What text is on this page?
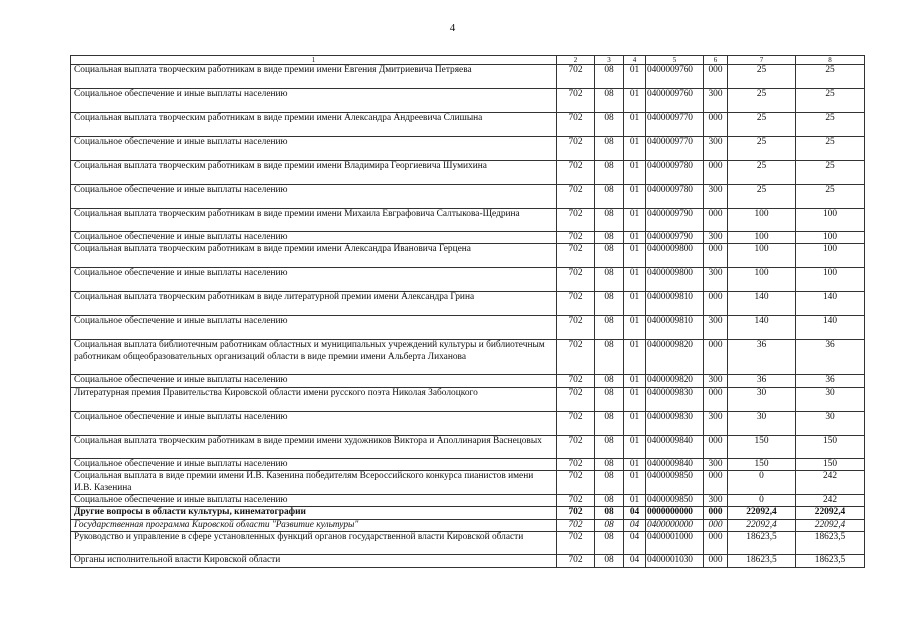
4
1	2	3	4	5	6	7	8
Социальная выплата творческим работникам в виде премии имени Евгения Дмитриевича Петряева	702	08	01	0400009760	000	25	25
Социальное обеспечение и иные выплаты населению	702	08	01	0400009760	300	25	25
Социальная выплата творческим работникам в виде премии имени Александра Андреевича Слишына	702	08	01	0400009770	000	25	25
Социальное обеспечение и иные выплаты населению	702	08	01	0400009770	300	25	25
Социальная выплата творческим работникам в виде премии имени Владимира Георгиевича Шумихина	702	08	01	0400009780	000	25	25
Социальное обеспечение и иные выплаты населению	702	08	01	0400009780	300	25	25
Социальная выплата творческим работникам в виде премии имени Михаила Евграфовича Салтыкова-Щедрина	702	08	01	0400009790	000	100	100
Социальное обеспечение и иные выплаты населению	702	08	01	0400009790	300	100	100
Социальная выплата творческим работникам в виде премии имени Александра Ивановича Герцена	702	08	01	0400009800	000	100	100
Социальное обеспечение и иные выплаты населению	702	08	01	0400009800	300	100	100
Социальная выплата творческим работникам в виде литературной премии имени Александра Грина	702	08	01	0400009810	000	140	140
Социальное обеспечение и иные выплаты населению	702	08	01	0400009810	300	140	140
Социальная выплата библиотечным работникам областных и муниципальных учреждений культуры и библиотечным работникам общеобразовательных организаций области в виде премии имени Альберта Лиханова	702	08	01	0400009820	000	36	36
Социальное обеспечение и иные выплаты населению	702	08	01	0400009820	300	36	36
Литературная премия Правительства Кировской области имени русского поэта Николая Заболоцкого	702	08	01	0400009830	000	30	30
Социальное обеспечение и иные выплаты населению	702	08	01	0400009830	300	30	30
Социальная выплата творческим работникам в виде премии имени художников Виктора и Аполлинария Васнецовых	702	08	01	0400009840	000	150	150
Социальное обеспечение и иные выплаты населению	702	08	01	0400009840	300	150	150
Социальная выплата в виде премии имени И.В. Казенина победителям Всероссийского конкурса пианистов имени И.В. Казенина	702	08	01	0400009850	000	0	242
Социальное обеспечение и иные выплаты населению	702	08	01	0400009850	300	0	242
Другие вопросы в области культуры, кинематографии	702	08	04	0000000000	000	22092,4	22092,4
Государственная программа Кировской области "Развитие культуры"	702	08	04	0400000000	000	22092,4	22092,4
Руководство и управление в сфере установленных функций органов государственной власти Кировской области	702	08	04	0400001000	000	18623,5	18623,5
Органы исполнительной власти Кировской области	702	08	04	0400001030	000	18623,5	18623,5
